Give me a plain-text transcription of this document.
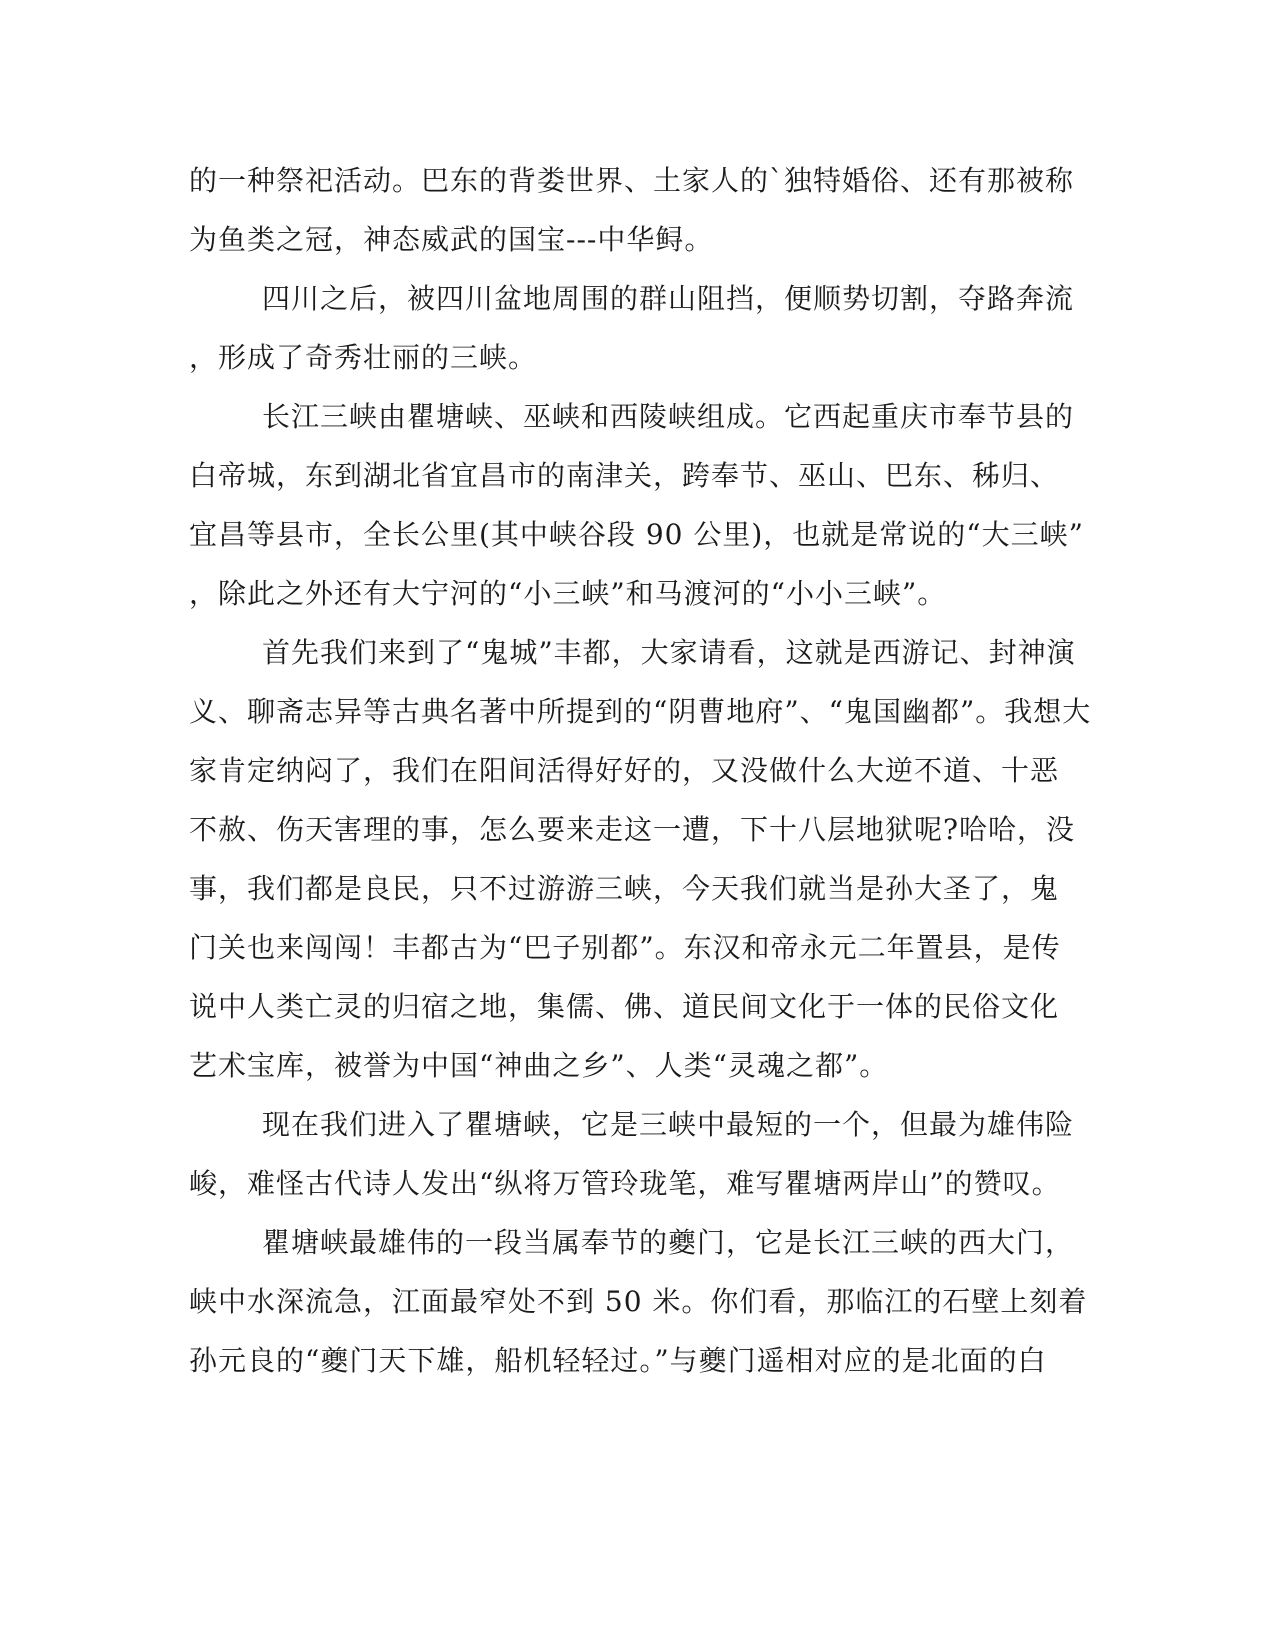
的一种祭祀活动。巴东的背娄世界、土家人的`独特婚俗、还有那被称
为鱼类之冠，神态威武的国宝---中华鲟。
四川之后，被四川盆地周围的群山阻挡，便顺势切割，夺路奔流
，形成了奇秀壮丽的三峡。
长江三峡由瞿塘峡、巫峡和西陵峡组成。它西起重庆市奉节县的
白帝城，东到湖北省宜昌市的南津关，跨奉节、巫山、巴东、秭归、
宜昌等县市，全长公里(其中峡谷段 90 公里)，也就是常说的“大三峡”
，除此之外还有大宁河的“小三峡”和马渡河的“小小三峡”。
首先我们来到了“鬼城”丰都，大家请看，这就是西游记、封神演
义、聊斋志异等古典名著中所提到的“阴曹地府”、“鬼国幽都”。我想大
家肯定纳闷了，我们在阳间活得好好的，又没做什么大逆不道、十恶
不赦、伤天害理的事，怎么要来走这一遭，下十八层地狱呢?哈哈，没
事，我们都是良民，只不过游游三峡，今天我们就当是孙大圣了，鬼
门关也来闯闯！丰都古为“巴子别都”。东汉和帝永元二年置县，是传
说中人类亡灵的归宿之地，集儒、佛、道民间文化于一体的民俗文化
艺术宝库，被誉为中国“神曲之乡”、人类“灵魂之都”。
现在我们进入了瞿塘峡，它是三峡中最短的一个，但最为雄伟险
峻，难怪古代诗人发出“纵将万管玲珑笔，难写瞿塘两岸山”的赞叹。
瞿塘峡最雄伟的一段当属奉节的夔门，它是长江三峡的西大门，
峡中水深流急，江面最窄处不到 50 米。你们看，那临江的石壁上刻着
孙元良的“夔门天下雄，船机轻轻过。”与夔门遥相对应的是北面的白
